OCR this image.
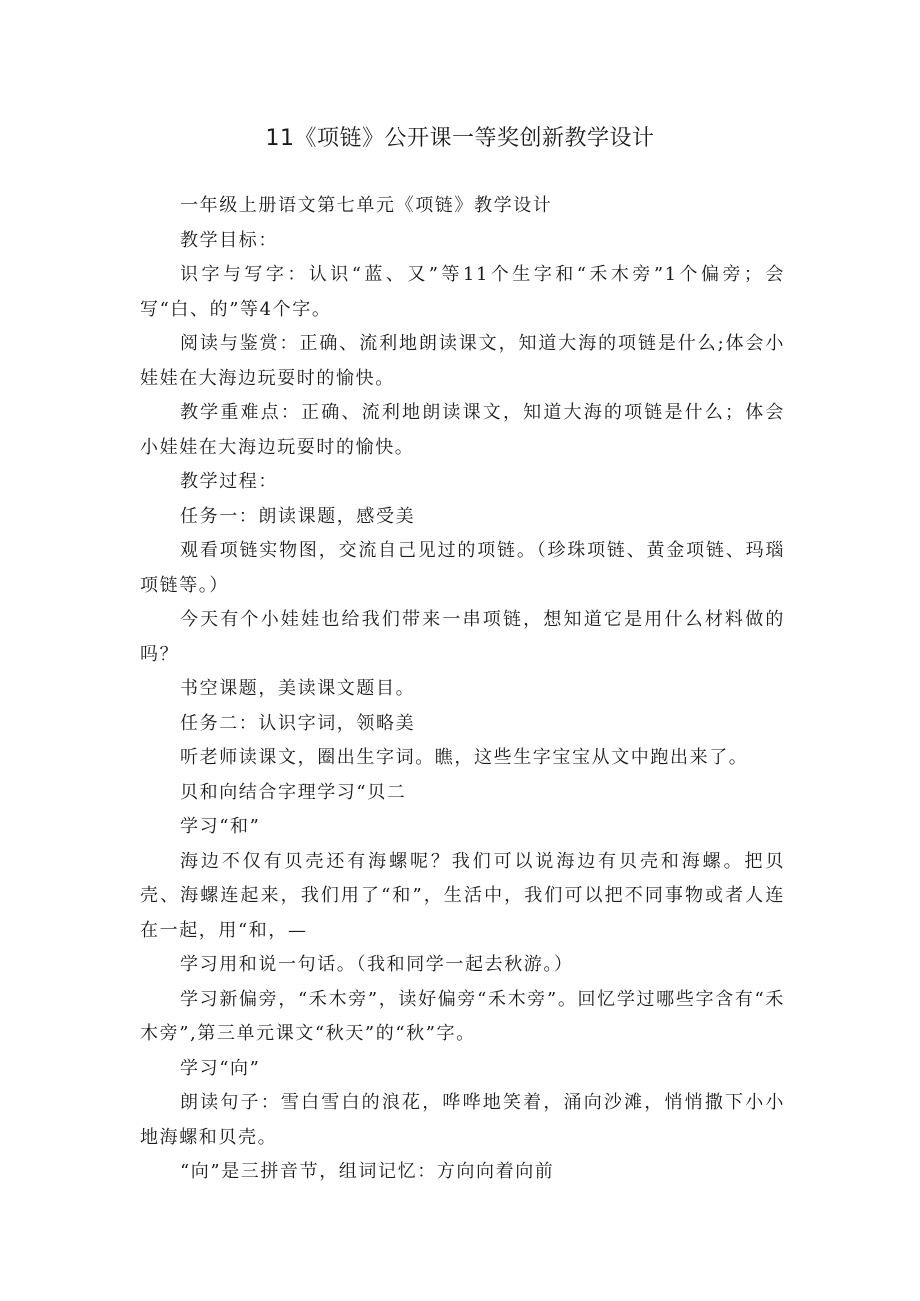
11《项链》公开课一等奖创新教学设计

一年级上册语文第七单元《项链》教学设计

教学目标：

识字与写字：认识“蓝、又”等11个生字和“禾木旁”1个偏旁；会写“白、的”等4个字。

阅读与鉴赏：正确、流利地朗读课文，知道大海的项链是什么;体会小娃娃在大海边玩耍时的愉快。

教学重难点：正确、流利地朗读课文，知道大海的项链是什么；体会小娃娃在大海边玩耍时的愉快。

教学过程：

任务一：朗读课题，感受美

观看项链实物图，交流自己见过的项链。（珍珠项链、黄金项链、玛瑙项链等。）

今天有个小娃娃也给我们带来一串项链，想知道它是用什么材料做的吗？

书空课题，美读课文题目。

任务二：认识字词，领略美

听老师读课文，圈出生字词。瞧，这些生字宝宝从文中跑出来了。

贝和向结合字理学习“贝二

学习“和”

海边不仅有贝壳还有海螺呢？我们可以说海边有贝壳和海螺。把贝壳、海螺连起来，我们用了“和”，生活中，我们可以把不同事物或者人连在一起，用“和，—

学习用和说一句话。（我和同学一起去秋游。）

学习新偏旁，“禾木旁”，读好偏旁“禾木旁”。回忆学过哪些字含有“禾木旁”,第三单元课文“秋天”的“秋”字。

学习“向”

朗读句子：雪白雪白的浪花，哗哗地笑着，涌向沙滩，悄悄撒下小小地海螺和贝壳。

“向”是三拼音节，组词记忆：方向向着向前
